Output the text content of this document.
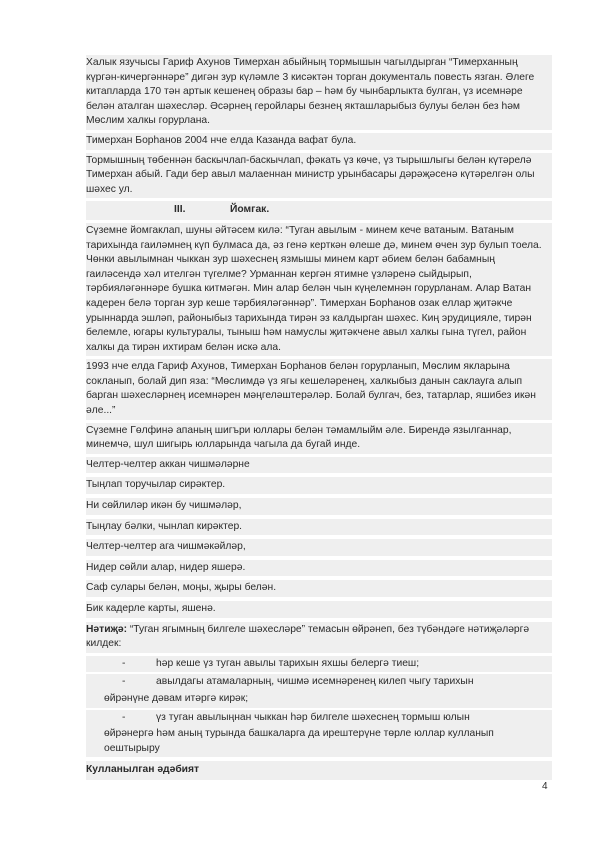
Халык язучысы Гариф Ахунов Тимерхан абыйның тормышын чагылдырган “Тимерханның күргән-кичергәннәре” дигән зур күләмле 3 кисәктән торган документаль повесть язган. Әлеге китапларда 170 тән артык кешенең образы бар – һәм бу чынбарлыкта булган, үз исемнәре белән аталган шәхесләр. Әсәрнең геройлары безнең якташларыбыз булуы белән без һәм Мөслим халкы горурлана.

Тимерхан Борһанов 2004 нче елда Казанда вафат була.

Тормышның төбеннән баскычлап-баскычлап, фәкать үз көче, үз тырышлыгы белән күтәрелә Тимерхан абый. Гади бер авыл малаеннан министр урынбасары дәрәҗәсенә күтәрелгән олы шәхес ул.

III.	Йомгак.

Сүземне йомгаклап, шуны әйтәсем килә: “Туган авылым - минем кече ватаным. Ватаным тарихында гаиләмнең күп булмаса да, әз генә керткән өлеше дә, минем өчен зур булып тоела. Чөнки авылымнан чыккан зур шәхеснең язмышы минем карт әбием белән бабамның гаиләсендә хәл ителгән түгелме? Урманнан кергән ятимне үзләренә сыйдырып, тәрбияләгәннәре бушка китмәгән. Мин алар белән чын күңелемнән горурланам. Алар Ватан кадерен белә торган зур кеше тәрбияләгәннәр”. Тимерхан Борһанов озак еллар җитәкче урыннарда эшләп, районыбыз тарихында тирән эз калдырган шәхес. Киң эрудицияле, тирән белемле, югары культуралы, тыныш һәм намуслы җитәкчене авыл халкы гына түгел, район халкы да тирән ихтирам белән искә ала.

1993 нче елда Гариф Ахунов, Тимерхан Борһанов белән горурланып, Мөслим якларына сокланып, болай дип яза: “Мөслимдә үз ягы кешеләренең, халкыбыз данын саклауга алып барган шәхесләрнең исемнәрен мәңгеләштерәләр. Болай булгач, без, татарлар, яшибез икән әле...”

Сүземне Гөлфинә апаның шигъри юллары белән тәмамлыйм әле. Бирендә язылганнар, минемчә, шул шигырь юлларында чагыла да бугай инде.

Челтер-челтер аккан чишмәләрне
Тыңлап торучылар сирәктер.
Ни сөйлиләр икән бу чишмәләр,
Тыңлау бәлки, чынлап кирәктер.
Челтер-челтер ага чишмәкәйләр,
Нидер сөйли алар, нидер яшерә.
Саф сулары белән, моңы, җыры белән.
Бик кадерле карты, яшенә.

Нәтиҗә: “Туган ягымның билгеле шәхесләре” темасын өйрәнеп, без түбәндәге нәтиҗәләргә килдек:

-	һәр кеше үз туган авылы тарихын яхшы белергә тиеш;
-	авылдагы атамаларның, чишмә исемнәренең килеп чыгу тарихын
өйрәнүне дәвам итәргә кирәк;
-	үз туган авылыңнан чыккан һәр билгеле шәхеснең тормыш юлын
өйрәнергә һәм аның турында башкаларга да ирештерүнe төрле юллар кулланып оештырыру
Кулланылган әдәбият
4
